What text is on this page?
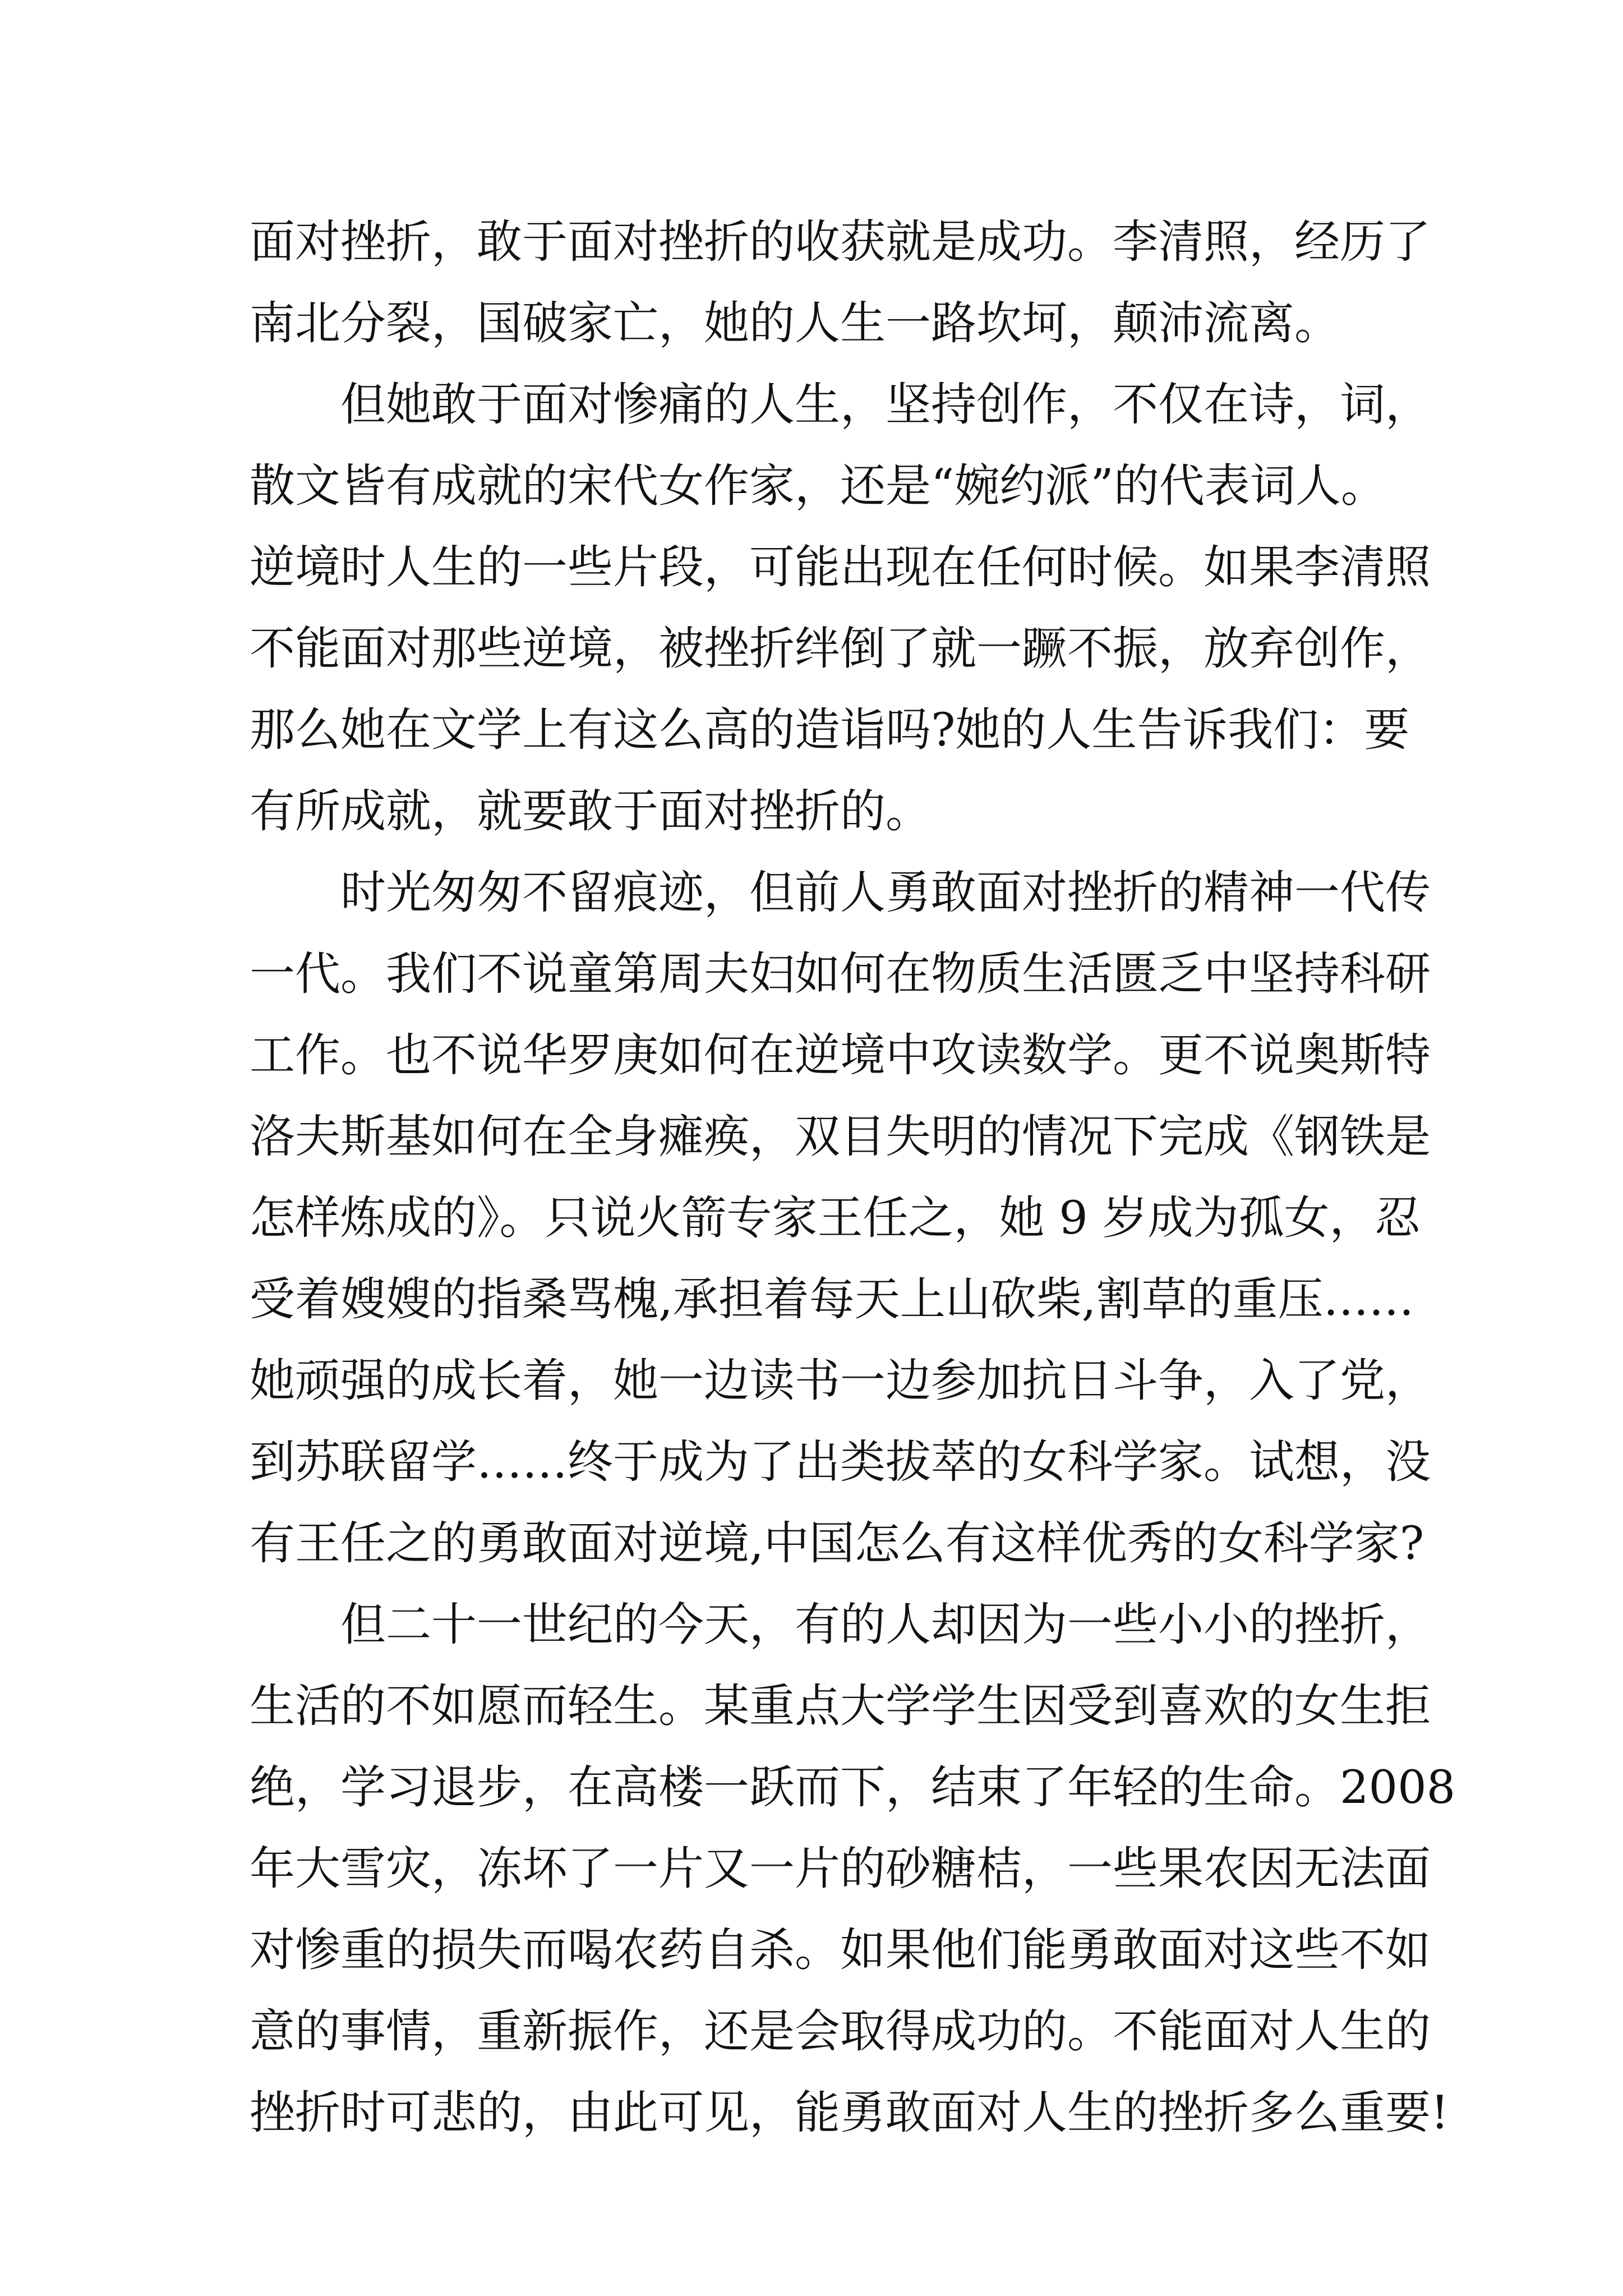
面对挫折，敢于面对挫折的收获就是成功。李清照，经历了
南北分裂，国破家亡，她的人生一路坎坷，颠沛流离。
但她敢于面对惨痛的人生，坚持创作，不仅在诗，词，
散文皆有成就的宋代女作家，还是“婉约派”的代表词人。
逆境时人生的一些片段，可能出现在任何时候。如果李清照
不能面对那些逆境，被挫折绊倒了就一蹶不振，放弃创作，
那么她在文学上有这么高的造诣吗?她的人生告诉我们：要
有所成就，就要敢于面对挫折的。
时光匆匆不留痕迹，但前人勇敢面对挫折的精神一代传
一代。我们不说童第周夫妇如何在物质生活匮乏中坚持科研
工作。也不说华罗庚如何在逆境中攻读数学。更不说奥斯特
洛夫斯基如何在全身瘫痪，双目失明的情况下完成《钢铁是
怎样炼成的》。只说火箭专家王任之，她 9 岁成为孤女，忍
受着嫂嫂的指桑骂槐,承担着每天上山砍柴,割草的重压……
她顽强的成长着，她一边读书一边参加抗日斗争，入了党，
到苏联留学……终于成为了出类拔萃的女科学家。试想，没
有王任之的勇敢面对逆境,中国怎么有这样优秀的女科学家?
但二十一世纪的今天，有的人却因为一些小小的挫折，
生活的不如愿而轻生。某重点大学学生因受到喜欢的女生拒
绝，学习退步，在高楼一跃而下，结束了年轻的生命。2008
年大雪灾，冻坏了一片又一片的砂糖桔，一些果农因无法面
对惨重的损失而喝农药自杀。如果他们能勇敢面对这些不如
意的事情，重新振作，还是会取得成功的。不能面对人生的
挫折时可悲的，由此可见，能勇敢面对人生的挫折多么重要!
